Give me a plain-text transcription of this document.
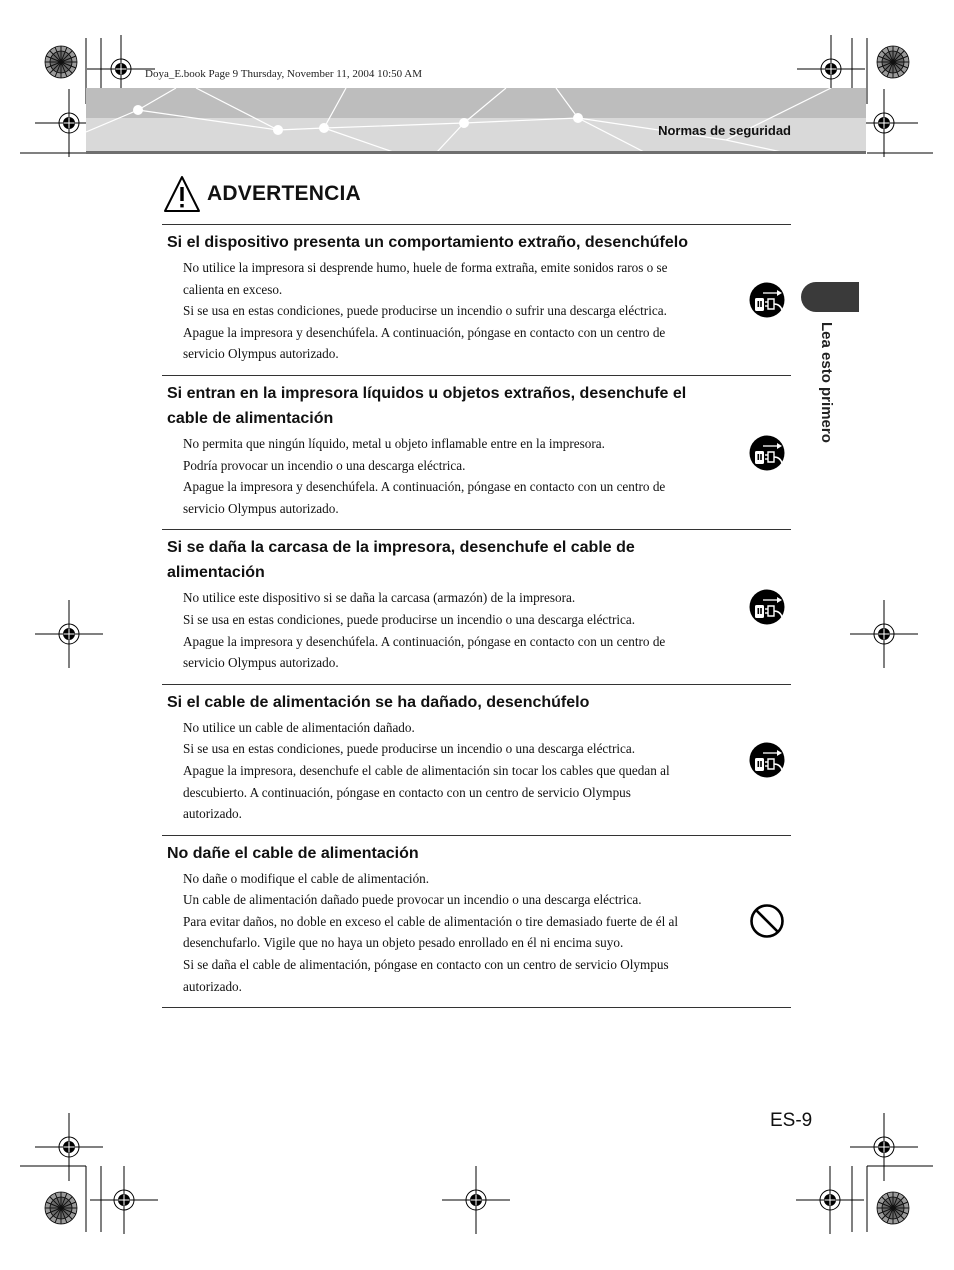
Doya_E.book Page 9 Thursday, November 11, 2004 10:50 AM
Normas de seguridad
ADVERTENCIA
Si el dispositivo presenta un comportamiento extraño, desenchúfelo

No utilice la impresora si desprende humo, huele de forma extraña, emite sonidos raros o se calienta en exceso.

Si se usa en estas condiciones, puede producirse un incendio o sufrir una descarga eléctrica.

Apague la impresora y desenchúfela. A continuación, póngase en contacto con un centro de servicio Olympus autorizado.

Si entran en la impresora líquidos u objetos extraños, desenchufe el cable de alimentación

No permita que ningún líquido, metal u objeto inflamable entre en la impresora.

Podría provocar un incendio o una descarga eléctrica.

Apague la impresora y desenchúfela. A continuación, póngase en contacto con un centro de servicio Olympus autorizado.

Si se daña la carcasa de la impresora, desenchufe el cable de alimentación

No utilice este dispositivo si se daña la carcasa (armazón) de la impresora.

Si se usa en estas condiciones, puede producirse un incendio o una descarga eléctrica.

Apague la impresora y desenchúfela. A continuación, póngase en contacto con un centro de servicio Olympus autorizado.

Si el cable de alimentación se ha dañado, desenchúfelo

No utilice un cable de alimentación dañado.

Si se usa en estas condiciones, puede producirse un incendio o una descarga eléctrica.

Apague la impresora, desenchufe el cable de alimentación sin tocar los cables que quedan al descubierto. A continuación, póngase en contacto con un centro de servicio Olympus autorizado.

No dañe el cable de alimentación

No dañe o modifique el cable de alimentación.

Un cable de alimentación dañado puede provocar un incendio o una descarga eléctrica.

Para evitar daños, no doble en exceso el cable de alimentación o tire demasiado fuerte de él al desenchufarlo. Vigile que no haya un objeto pesado enrollado en él ni encima suyo.

Si se daña el cable de alimentación, póngase en contacto con un centro de servicio Olympus autorizado.

Lea esto primero
ES-9
